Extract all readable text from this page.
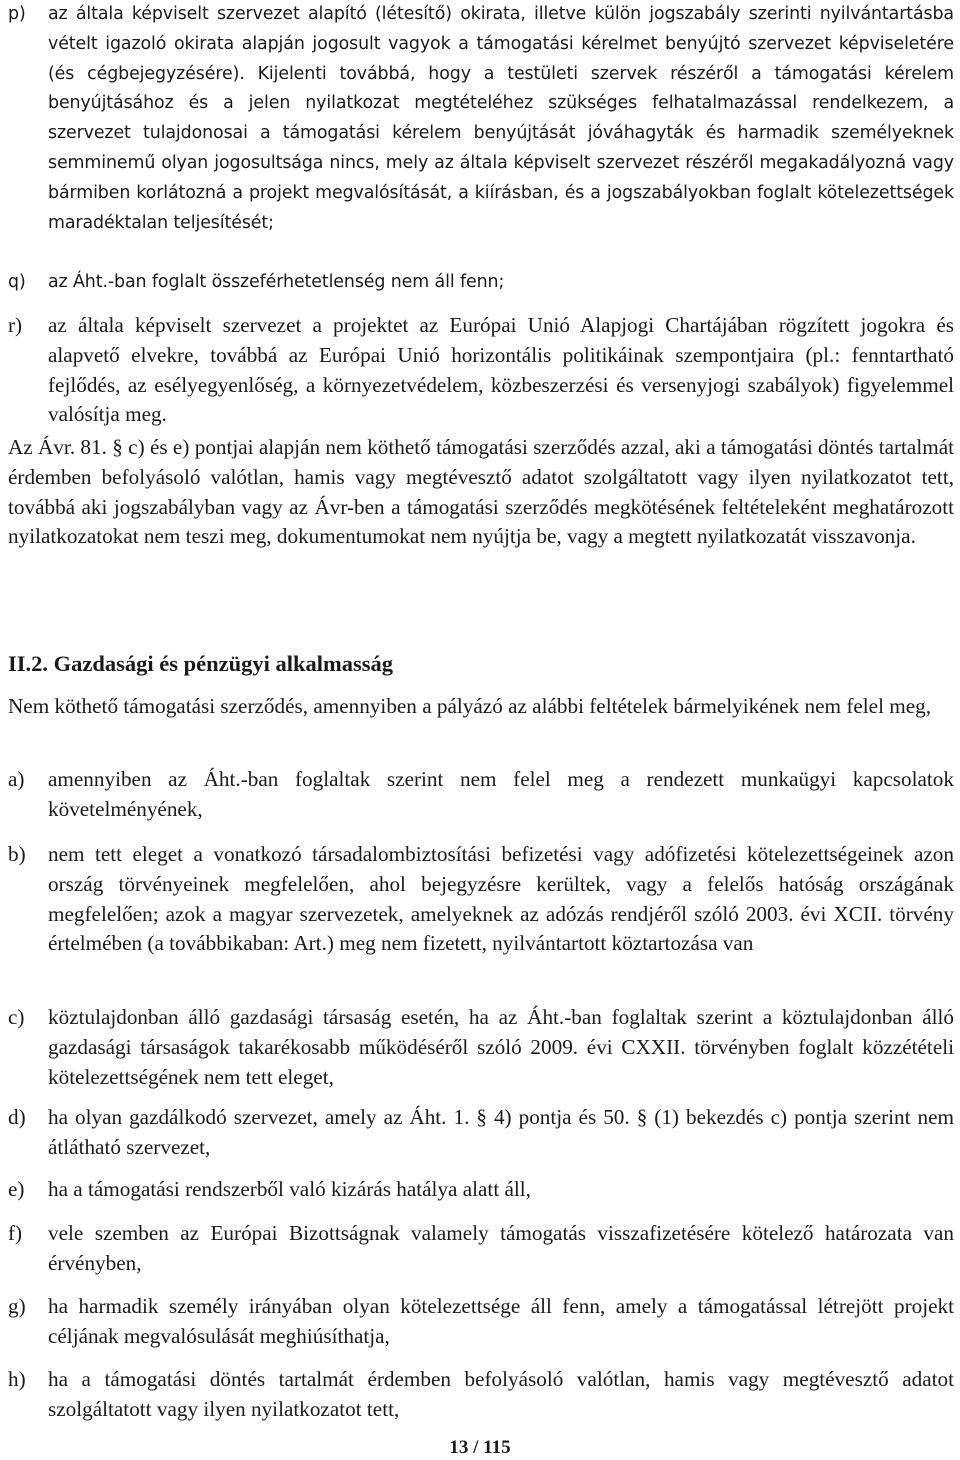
p)	az általa képviselt szervezet alapító (létesítő) okirata, illetve külön jogszabály szerinti nyilvántartásba vételt igazoló okirata alapján jogosult vagyok a támogatási kérelmet benyújtó szervezet képviseletére (és cégbejegyzésére). Kijelenti továbbá, hogy a testületi szervek részéről a támogatási kérelem benyújtásához és a jelen nyilatkozat megtételéhez szükséges felhatalmazással rendelkezem, a szervezet tulajdonosai a támogatási kérelem benyújtását jóváhagyták és harmadik személyeknek semminemű olyan jogosultsága nincs, mely az általa képviselt szervezet részéről megakadályozná vagy bármiben korlátozná a projekt megvalósítását, a kiírásban, és a jogszabályokban foglalt kötelezettségek maradéktalan teljesítését;
q)	az Áht.-ban foglalt összeférhetetlenség nem áll fenn;
r)	az általa képviselt szervezet a projektet az Európai Unió Alapjogi Chartájában rögzített jogokra és alapvető elvekre, továbbá az Európai Unió horizontális politikáinak szempontjaira (pl.: fenntartható fejlődés, az esélyegyenlőség, a környezetvédelem, közbeszerzési és versenyjogi szabályok) figyelemmel valósítja meg.
Az Ávr. 81. § c) és e) pontjai alapján nem köthető támogatási szerződés azzal, aki a támogatási döntés tartalmát érdemben befolyásoló valótlan, hamis vagy megtévesztő adatot szolgáltatott vagy ilyen nyilatkozatot tett, továbbá aki jogszabályban vagy az Ávr-ben a támogatási szerződés megkötésének feltételeként meghatározott nyilatkozatokat nem teszi meg, dokumentumokat nem nyújtja be, vagy a megtett nyilatkozatát visszavonja.
II.2. Gazdasági és pénzügyi alkalmasság
Nem köthető támogatási szerződés, amennyiben a pályázó az alábbi feltételek bármelyikének nem felel meg,
a)	amennyiben az Áht.-ban foglaltak szerint nem felel meg a rendezett munkaügyi kapcsolatok követelményének,
b)	nem tett eleget a vonatkozó társadalombiztosítási befizetési vagy adófizetési kötelezettségeinek azon ország törvényeinek megfelelően, ahol bejegyzésre kerültek, vagy a felelős hatóság országának megfelelően; azok a magyar szervezetek, amelyeknek az adózás rendjéről szóló 2003. évi XCII. törvény értelmében (a továbbikaban: Art.) meg nem fizetett, nyilvántartott köztartozása van
c)	köztulajdonban álló gazdasági társaság esetén, ha az Áht.-ban foglaltak szerint a köztulajdonban álló gazdasági társaságok takarékosabb működéséről szóló 2009. évi CXXII. törvényben foglalt közzétételi kötelezettségének nem tett eleget,
d)	ha olyan gazdálkodó szervezet, amely az Áht. 1. § 4) pontja és 50. § (1) bekezdés c) pontja szerint nem átlátható szervezet,
e)	ha a támogatási rendszerből való kizárás hatálya alatt áll,
f)	vele szemben az Európai Bizottságnak valamely támogatás visszafizetésére kötelező határozata van érvényben,
g)	ha harmadik személy irányában olyan kötelezettsége áll fenn, amely a támogatással létrejött projekt céljának megvalósulását meghiúsíthatja,
h)	ha a támogatási döntés tartalmát érdemben befolyásoló valótlan, hamis vagy megtévesztő adatot szolgáltatott vagy ilyen nyilatkozatot tett,
13 / 115
